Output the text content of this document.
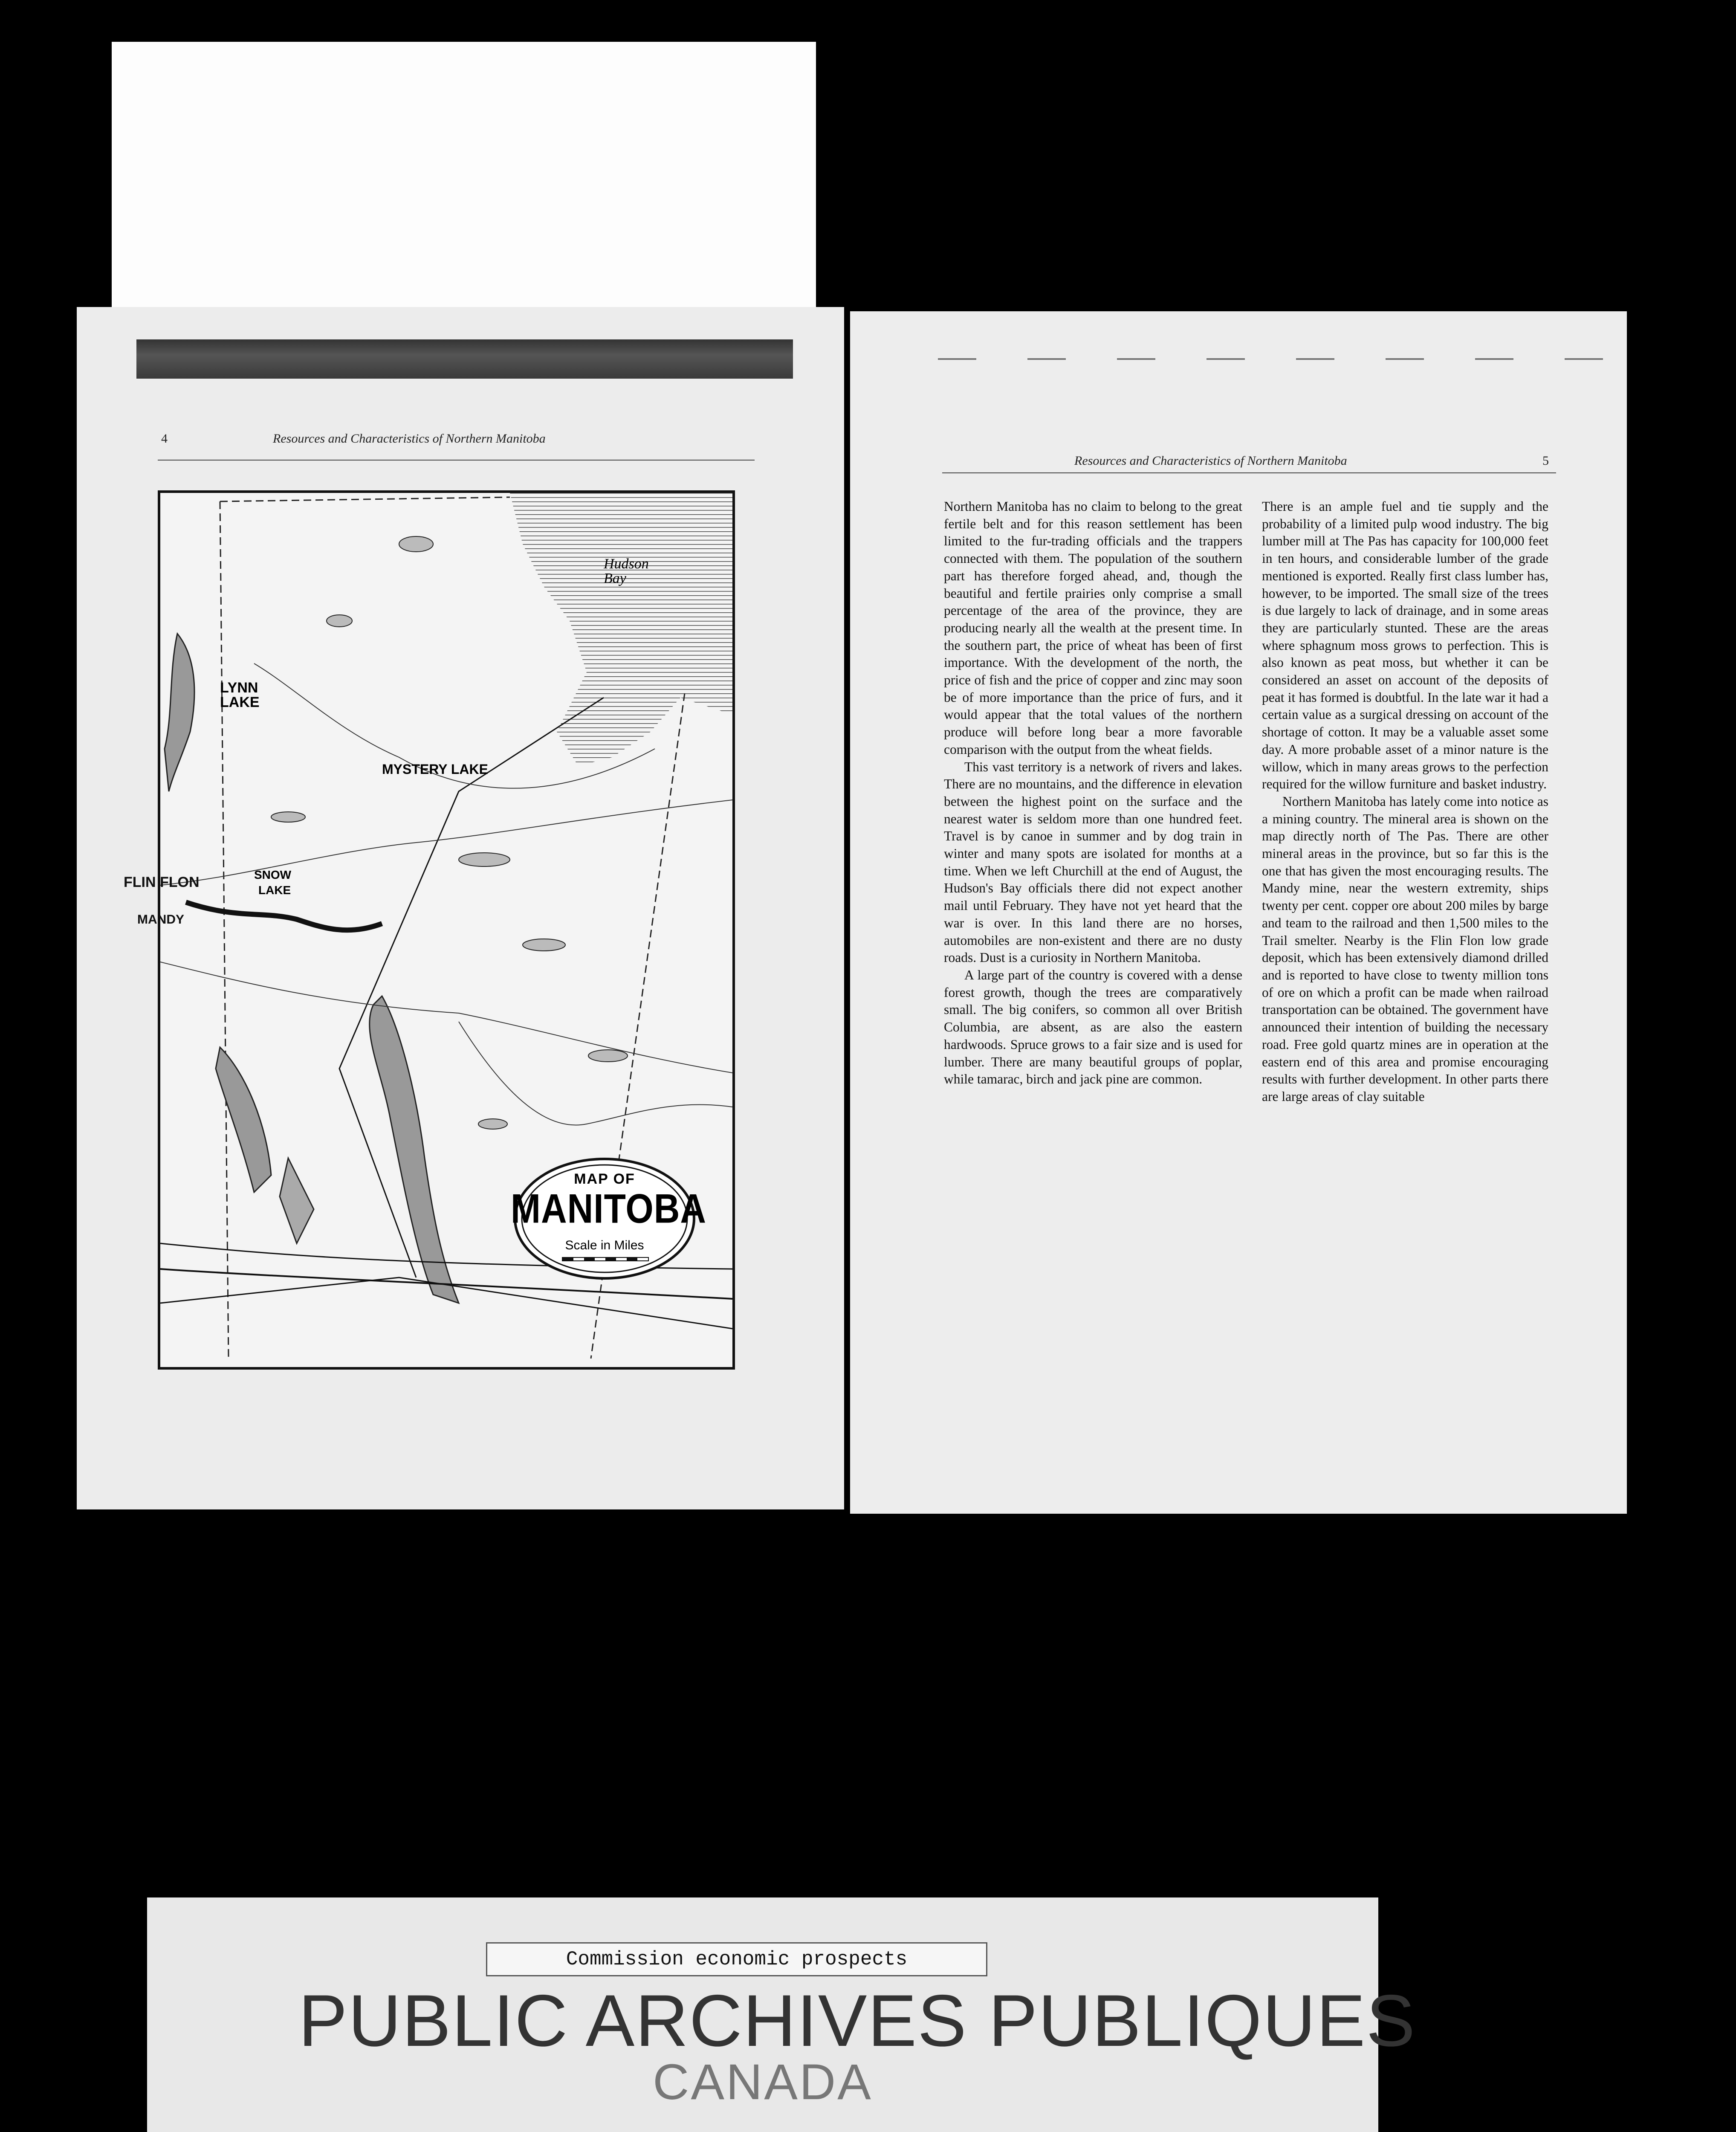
4	Resources and Characteristics of Northern Manitoba
Hudson Bay
LYNN LAKE
MYSTERY LAKE
SNOW
LAKE
FLIN FLON
MANDY
MAP OF
MANITOBA
Scale in Miles
Resources and Characteristics of Northern Manitoba	5

Northern Manitoba has no claim to belong to the great fertile belt and for this reason settlement has been limited to the fur-trading officials and the trappers connected with them. The population of the southern part has therefore forged ahead, and, though the beautiful and fertile prairies only comprise a small percentage of the area of the province, they are producing nearly all the wealth at the present time. In the southern part, the price of wheat has been of first importance. With the development of the north, the price of fish and the price of copper and zinc may soon be of more importance than the price of furs, and it would appear that the total values of the northern produce will before long bear a more favorable comparison with the output from the wheat fields.

This vast territory is a network of rivers and lakes. There are no mountains, and the difference in elevation between the highest point on the surface and the nearest water is seldom more than one hundred feet. Travel is by canoe in summer and by dog train in winter and many spots are isolated for months at a time. When we left Churchill at the end of August, the Hudson's Bay officials there did not expect another mail until February. They have not yet heard that the war is over. In this land there are no horses, automobiles are non-existent and there are no dusty roads. Dust is a curiosity in Northern Manitoba.

A large part of the country is covered with a dense forest growth, though the trees are comparatively small. The big conifers, so common all over British Columbia, are absent, as are also the eastern hardwoods. Spruce grows to a fair size and is used for lumber. There are many beautiful groups of poplar, while tamarac, birch and jack pine are common.

There is an ample fuel and tie supply and the probability of a limited pulp wood industry. The big lumber mill at The Pas has capacity for 100,000 feet in ten hours, and considerable lumber of the grade mentioned is exported. Really first class lumber has, however, to be imported. The small size of the trees is due largely to lack of drainage, and in some areas they are particularly stunted. These are the areas where sphagnum moss grows to perfection. This is also known as peat moss, but whether it can be considered an asset on account of the deposits of peat it has formed is doubtful. In the late war it had a certain value as a surgical dressing on account of the shortage of cotton. It may be a valuable asset some day. A more probable asset of a minor nature is the willow, which in many areas grows to the perfection required for the willow furniture and basket industry.

Northern Manitoba has lately come into notice as a mining country. The mineral area is shown on the map directly north of The Pas. There are other mineral areas in the province, but so far this is the one that has given the most encouraging results. The Mandy mine, near the western extremity, ships twenty per cent. copper ore about 200 miles by barge and team to the railroad and then 1,500 miles to the Trail smelter. Nearby is the Flin Flon low grade deposit, which has been extensively diamond drilled and is reported to have close to twenty million tons of ore on which a profit can be made when railroad transportation can be obtained. The government have announced their intention of building the necessary road. Free gold quartz mines are in operation at the eastern end of this area and promise encouraging results with further development. In other parts there are large areas of clay suitable

Commission economic prospects
PUBLIC ARCHIVES PUBLIQUES
CANADA
